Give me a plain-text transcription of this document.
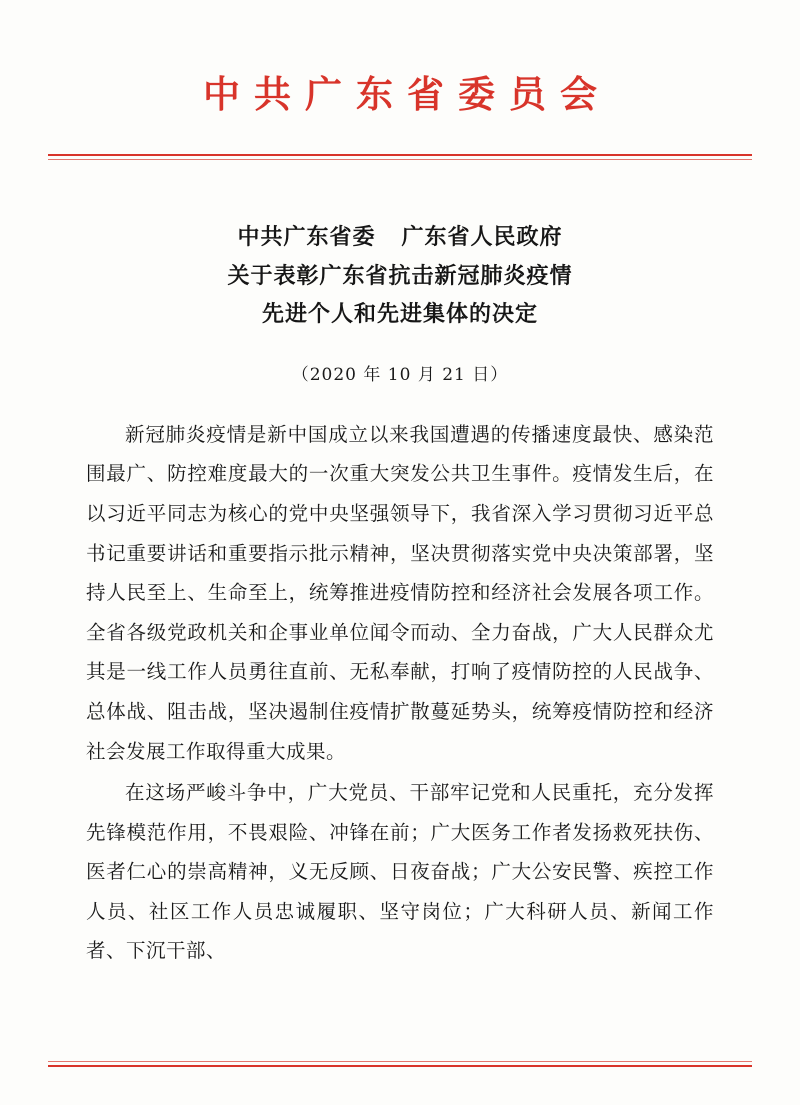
中共广东省委员会
中共广东省委 广东省人民政府
关于表彰广东省抗击新冠肺炎疫情
先进个人和先进集体的决定
（2020 年 10 月 21 日）

新冠肺炎疫情是新中国成立以来我国遭遇的传播速度最快、感染范围最广、防控难度最大的一次重大突发公共卫生事件。疫情发生后，在以习近平同志为核心的党中央坚强领导下，我省深入学习贯彻习近平总书记重要讲话和重要指示批示精神，坚决贯彻落实党中央决策部署，坚持人民至上、生命至上，统筹推进疫情防控和经济社会发展各项工作。全省各级党政机关和企事业单位闻令而动、全力奋战，广大人民群众尤其是一线工作人员勇往直前、无私奉献，打响了疫情防控的人民战争、总体战、阻击战，坚决遏制住疫情扩散蔓延势头，统筹疫情防控和经济社会发展工作取得重大成果。

在这场严峻斗争中，广大党员、干部牢记党和人民重托，充分发挥先锋模范作用，不畏艰险、冲锋在前；广大医务工作者发扬救死扶伤、医者仁心的崇高精神，义无反顾、日夜奋战；广大公安民警、疾控工作人员、社区工作人员忠诚履职、坚守岗位；广大科研人员、新闻工作者、下沉干部、
